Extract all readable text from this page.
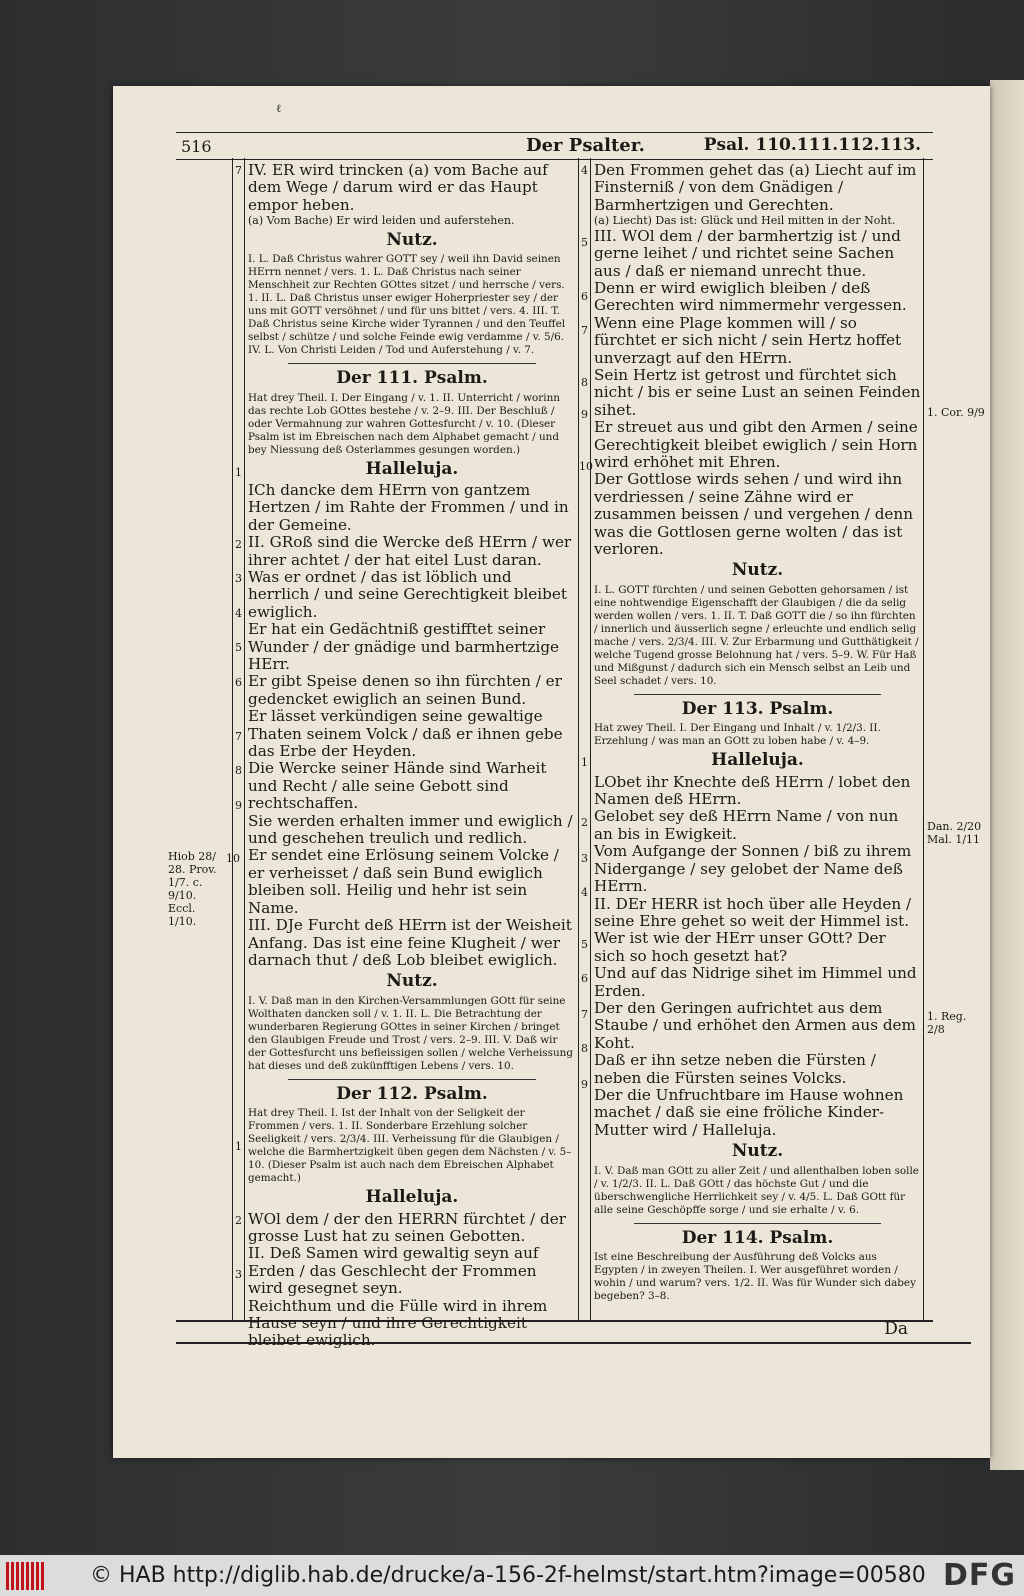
ℓ
516	Der Psalter.	Psal. 110.111.112.113.
7
1
2
3
4
5
6
7
8
9
10
1
2
3
4
5
6
7
8
9
10
1
2
3
4
5
6
7
8
9
Hiob 28/ 28. Prov. 1/7. c. 9/10. Eccl. 1/10.
1. Cor. 9/9
Dan. 2/20 Mal. 1/11
1. Reg. 2/8

IV. ER wird trincken (a) vom Bache auf dem Wege / darum wird er das Haupt empor heben.

(a) Vom Bache) Er wird leiden und auferstehen.

Nutz.

I. L. Daß Christus wahrer GOTT sey / weil ihn David seinen HErrn nennet / vers. 1. L. Daß Christus nach seiner Menschheit zur Rechten GOttes sitzet / und herrsche / vers. 1. II. L. Daß Christus unser ewiger Hoherpriester sey / der uns mit GOTT versöhnet / und für uns bittet / vers. 4. III. T. Daß Christus seine Kirche wider Tyrannen / und den Teuffel selbst / schütze / und solche Feinde ewig verdamme / v. 5/6. IV. L. Von Christi Leiden / Tod und Auferstehung / v. 7.

Der 111. Psalm.

Hat drey Theil. I. Der Eingang / v. 1. II. Unterricht / worinn das rechte Lob GOttes bestehe / v. 2–9. III. Der Beschluß / oder Vermahnung zur wahren Gottesfurcht / v. 10. (Dieser Psalm ist im Ebreischen nach dem Alphabet gemacht / und bey Niessung deß Osterlammes gesungen worden.)

Halleluja.

ICh dancke dem HErrn von gantzem Hertzen / im Rahte der Frommen / und in der Gemeine.

II. GRoß sind die Wercke deß HErrn / wer ihrer achtet / der hat eitel Lust daran.

Was er ordnet / das ist löblich und herrlich / und seine Gerechtigkeit bleibet ewiglich.

Er hat ein Gedächtniß gestifftet seiner Wunder / der gnädige und barmhertzige HErr.

Er gibt Speise denen so ihn fürchten / er gedencket ewiglich an seinen Bund.

Er lässet verkündigen seine gewaltige Thaten seinem Volck / daß er ihnen gebe das Erbe der Heyden.

Die Wercke seiner Hände sind Warheit und Recht / alle seine Gebott sind rechtschaffen.

Sie werden erhalten immer und ewiglich / und geschehen treulich und redlich.

Er sendet eine Erlösung seinem Volcke / er verheisset / daß sein Bund ewiglich bleiben soll. Heilig und hehr ist sein Name.

III. DJe Furcht deß HErrn ist der Weisheit Anfang. Das ist eine feine Klugheit / wer darnach thut / deß Lob bleibet ewiglich.

Nutz.

I. V. Daß man in den Kirchen-Versammlungen GOtt für seine Wolthaten dancken soll / v. 1. II. L. Die Betrachtung der wunderbaren Regierung GOttes in seiner Kirchen / bringet den Glaubigen Freude und Trost / vers. 2–9. III. V. Daß wir der Gottesfurcht uns befleissigen sollen / welche Verheissung hat dieses und deß zukünfftigen Lebens / vers. 10.

Der 112. Psalm.

Hat drey Theil. I. Ist der Inhalt von der Seligkeit der Frommen / vers. 1. II. Sonderbare Erzehlung solcher Seeligkeit / vers. 2/3/4. III. Verheissung für die Glaubigen / welche die Barmhertzigkeit üben gegen dem Nächsten / v. 5–10. (Dieser Psalm ist auch nach dem Ebreischen Alphabet gemacht.)

Halleluja.

WOl dem / der den HERRN fürchtet / der grosse Lust hat zu seinen Gebotten.

II. Deß Samen wird gewaltig seyn auf Erden / das Geschlecht der Frommen wird gesegnet seyn.

Reichthum und die Fülle wird in ihrem Hause seyn / und ihre Gerechtigkeit bleibet ewiglich.

Den Frommen gehet das (a) Liecht auf im Finsterniß / von dem Gnädigen / Barmhertzigen und Gerechten.

(a) Liecht) Das ist: Glück und Heil mitten in der Noht.

III. WOl dem / der barmhertzig ist / und gerne leihet / und richtet seine Sachen aus / daß er niemand unrecht thue.

Denn er wird ewiglich bleiben / deß Gerechten wird nimmermehr vergessen.

Wenn eine Plage kommen will / so fürchtet er sich nicht / sein Hertz hoffet unverzagt auf den HErrn.

Sein Hertz ist getrost und fürchtet sich nicht / bis er seine Lust an seinen Feinden sihet.

Er streuet aus und gibt den Armen / seine Gerechtigkeit bleibet ewiglich / sein Horn wird erhöhet mit Ehren.

Der Gottlose wirds sehen / und wird ihn verdriessen / seine Zähne wird er zusammen beissen / und vergehen / denn was die Gottlosen gerne wolten / das ist verloren.

Nutz.

I. L. GOTT fürchten / und seinen Gebotten gehorsamen / ist eine nohtwendige Eigenschafft der Glaubigen / die da selig werden wollen / vers. 1. II. T. Daß GOTT die / so ihn fürchten / innerlich und äusserlich segne / erleuchte und endlich selig mache / vers. 2/3/4. III. V. Zur Erbarmung und Gutthätigkeit / welche Tugend grosse Belohnung hat / vers. 5–9. W. Für Haß und Mißgunst / dadurch sich ein Mensch selbst an Leib und Seel schadet / vers. 10.

Der 113. Psalm.

Hat zwey Theil. I. Der Eingang und Inhalt / v. 1/2/3. II. Erzehlung / was man an GOtt zu loben habe / v. 4–9.

Halleluja.

LObet ihr Knechte deß HErrn / lobet den Namen deß HErrn.

Gelobet sey deß HErrn Name / von nun an bis in Ewigkeit.

Vom Aufgange der Sonnen / biß zu ihrem Nidergange / sey gelobet der Name deß HErrn.

II. DEr HERR ist hoch über alle Heyden / seine Ehre gehet so weit der Himmel ist.

Wer ist wie der HErr unser GOtt? Der sich so hoch gesetzt hat?

Und auf das Nidrige sihet im Himmel und Erden.

Der den Geringen aufrichtet aus dem Staube / und erhöhet den Armen aus dem Koht.

Daß er ihn setze neben die Fürsten / neben die Fürsten seines Volcks.

Der die Unfruchtbare im Hause wohnen machet / daß sie eine fröliche Kinder-Mutter wird / Halleluja.

Nutz.

I. V. Daß man GOtt zu aller Zeit / und allenthalben loben solle / v. 1/2/3. II. L. Daß GOtt / das höchste Gut / und die überschwengliche Herrlichkeit sey / v. 4/5. L. Daß GOtt für alle seine Geschöpffe sorge / und sie erhalte / v. 6.

Der 114. Psalm.

Ist eine Beschreibung der Ausführung deß Volcks aus Egypten / in zweyen Theilen. I. Wer ausgeführet worden / wohin / und warum? vers. 1/2. II. Was für Wunder sich dabey begeben? 3–8.

Da
© HAB http://diglib.hab.de/drucke/a-156-2f-helmst/start.htm?image=00580 DFG
